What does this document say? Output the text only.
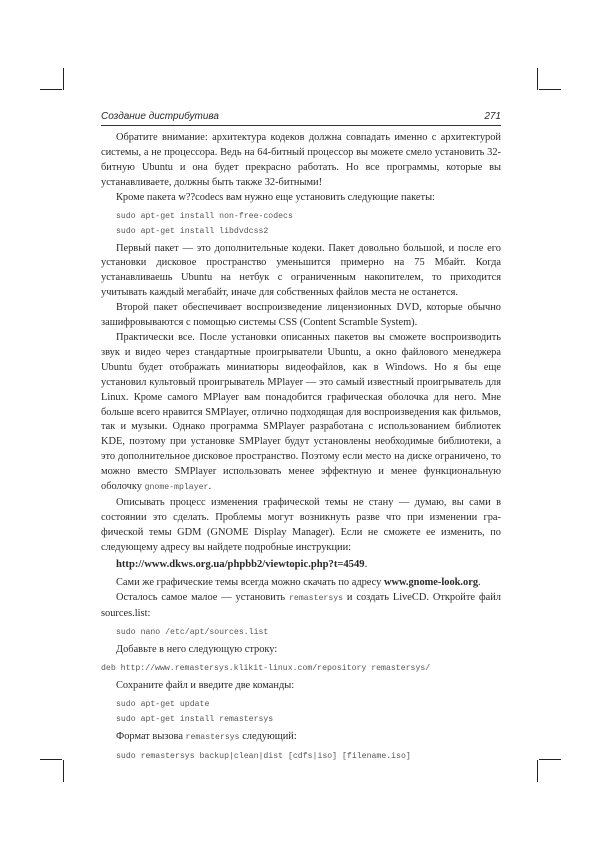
Создание дистрибутива	271

Обратите внимание: архитектура кодеков должна совпадать именно с архитектурой системы, а не процессора. Ведь на 64-битный процессор вы можете смело установить 32-битную Ubuntu и она будет прекрасно работать. Но все программы, которые вы устанавливаете, должны быть также 32-битными!

Кроме пакета w??codecs вам нужно еще установить следующие пакеты:

sudo apt-get install non-free-codecs
sudo apt-get install libdvdcss2

Первый пакет — это дополнительные кодеки. Пакет довольно большой, и после его установки дисковое пространство уменьшится примерно на 75 Мбайт. Когда устанавливаешь Ubuntu на нетбук с ограниченным накопителем, то приходится учитывать каждый мегабайт, иначе для собственных файлов места не останется.

Второй пакет обеспечивает воспроизведение лицензионных DVD, которые обычно зашифровываются с помощью системы CSS (Content Scramble System).

Практически все. После установки описанных пакетов вы сможете воспроизводить звук и видео через стандартные проигрыватели Ubuntu, а окно файлового менеджера Ubuntu будет отображать миниатюры видеофайлов, как в Windows. Но я бы еще установил культовый проигрыватель MPlayer — это самый известный проигрыватель для Linux. Кроме самого MPlayer вам понадобится графическая оболочка для него. Мне больше всего нравится SMPlayer, отлично подходящая для воспроизведения как фильмов, так и музыки. Однако программа SMPlayer разработана с использованием библиотек KDE, поэтому при установке SMPlayer будут установлены необходимые библиотеки, а это дополнительное дисковое пространство. Поэтому если место на диске ограничено, то можно вместо SMPlayer использовать менее эффектную и менее функциональную оболочку gnome-mplayer.

Описывать процесс изменения графической темы не стану — думаю, вы сами в состоянии это сделать. Проблемы могут возникнуть разве что при изменении графической темы GDM (GNOME Display Manager). Если не сможете ее изменить, по следующему адресу вы найдете подробные инструкции:

http://www.dkws.org.ua/phpbb2/viewtopic.php?t=4549.

Сами же графические темы всегда можно скачать по адресу www.gnome-look.org.

Осталось самое малое — установить remastersys и создать LiveCD. Откройте файл sources.list:

sudo nano /etc/apt/sources.list

Добавьте в него следующую строку:

deb http://www.remastersys.klikit-linux.com/repository remastersys/

Сохраните файл и введите две команды:

sudo apt-get update
sudo apt-get install remastersys

Формат вызова remastersys следующий:

sudo remastersys backup|clean|dist [cdfs|iso] [filename.iso]
